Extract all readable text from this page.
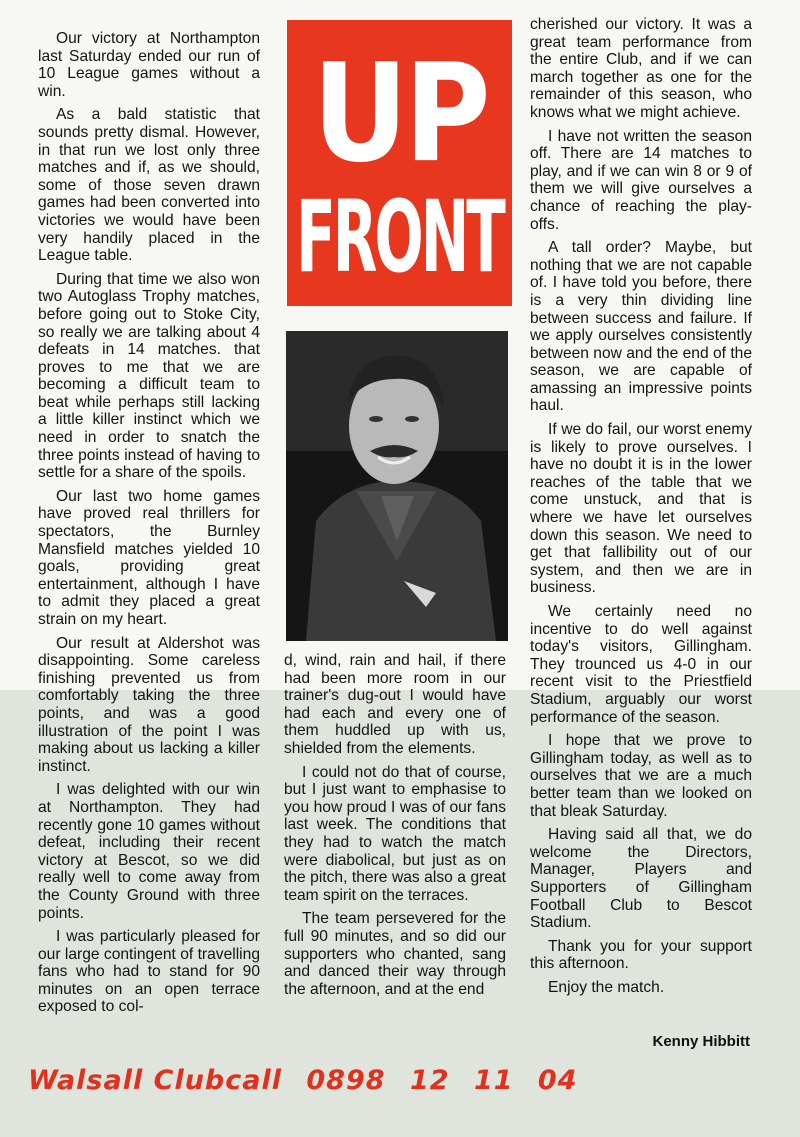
Our victory at Northampton last Saturday ended our run of 10 League games without a win.

As a bald statistic that sounds pretty dismal. However, in that run we lost only three matches and if, as we should, some of those seven drawn games had been converted into victories we would have been very handily placed in the League table.

During that time we also won two Autoglass Trophy matches, before going out to Stoke City, so really we are talking about 4 defeats in 14 matches. that proves to me that we are becoming a difficult team to beat while perhaps still lacking a little killer instinct which we need in order to snatch the three points instead of having to settle for a share of the spoils.

Our last two home games have proved real thrillers for spectators, the Burnley Mansfield matches yielded 10 goals, providing great entertainment, although I have to admit they placed a great strain on my heart.

Our result at Aldershot was disappointing. Some careless finishing prevented us from comfortably taking the three points, and was a good illustration of the point I was making about us lacking a killer instinct.

I was delighted with our win at Northampton. They had recently gone 10 games without defeat, including their recent victory at Bescot, so we did really well to come away from the County Ground with three points.

I was particularly pleased for our large contingent of travelling fans who had to stand for 90 minutes on an open terrace exposed to col-

UP
FRONT

d, wind, rain and hail, if there had been more room in our trainer's dug-out I would have had each and every one of them huddled up with us, shielded from the elements.

I could not do that of course, but I just want to emphasise to you how proud I was of our fans last week. The conditions that they had to watch the match were diabolical, but just as on the pitch, there was also a great team spirit on the terraces.

The team persevered for the full 90 minutes, and so did our supporters who chanted, sang and danced their way through the afternoon, and at the end

cherished our victory. It was a great team performance from the entire Club, and if we can march together as one for the remainder of this season, who knows what we might achieve.

I have not written the season off. There are 14 matches to play, and if we can win 8 or 9 of them we will give ourselves a chance of reaching the play-offs.

A tall order? Maybe, but nothing that we are not capable of. I have told you before, there is a very thin dividing line between success and failure. If we apply ourselves consistently between now and the end of the season, we are capable of amassing an impressive points haul.

If we do fail, our worst enemy is likely to prove ourselves. I have no doubt it is in the lower reaches of the table that we come unstuck, and that is where we have let ourselves down this season. We need to get that fallibility out of our system, and then we are in business.

We certainly need no incentive to do well against today's visitors, Gillingham. They trounced us 4-0 in our recent visit to the Priestfield Stadium, arguably our worst performance of the season.

I hope that we prove to Gillingham today, as well as to ourselves that we are a much better team than we looked on that bleak Saturday.

Having said all that, we do welcome the Directors, Manager, Players and Supporters of Gillingham Football Club to Bescot Stadium.

Thank you for your support this afternoon.

Enjoy the match.

Kenny Hibbitt
Walsall Clubcall 0898 12 11 04
